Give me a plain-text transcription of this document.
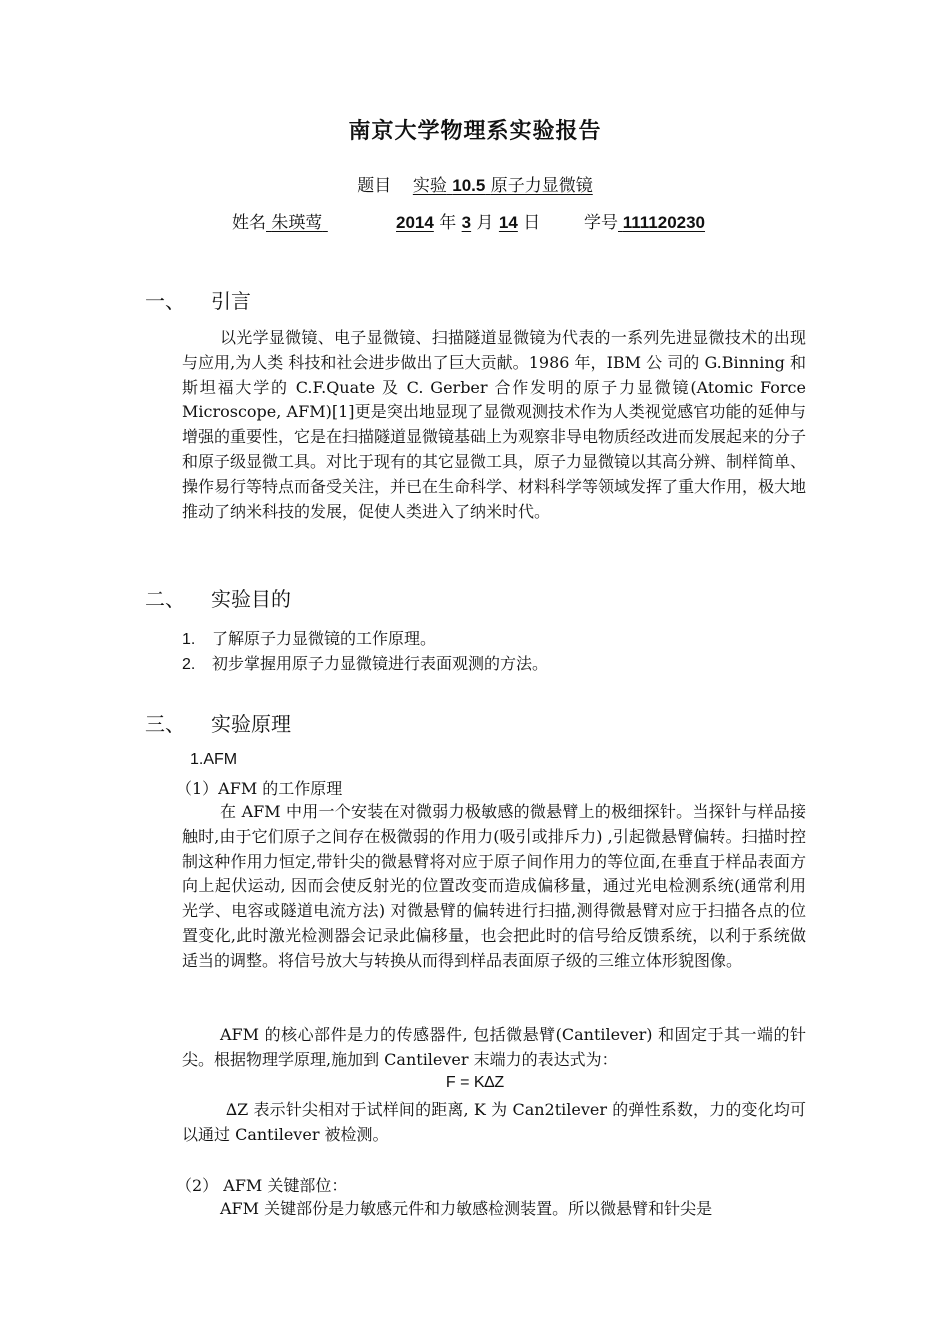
南京大学物理系实验报告
题目 实验 10.5 原子力显微镜
姓名 朱瑛莺	2014 年 3 月 14 日	学号 111120230
一、 引言

以光学显微镜、电子显微镜、扫描隧道显微镜为代表的一系列先进显微技术的出现与应用,为人类 科技和社会进步做出了巨大贡献。1986 年，IBM 公 司的 G.Binning 和斯坦福大学的 C.F.Quate 及 C. Gerber 合作发明的原子力显微镜(Atomic Force Microscope, AFM)[1]更是突出地显现了显微观测技术作为人类视觉感官功能的延伸与增强的重要性，它是在扫描隧道显微镜基础上为观察非导电物质经改进而发展起来的分子和原子级显微工具。对比于现有的其它显微工具，原子力显微镜以其高分辨、制样简单、操作易行等特点而备受关注，并已在生命科学、材料科学等领域发挥了重大作用，极大地推动了纳米科技的发展，促使人类进入了纳米时代。

二、 实验目的
1. 了解原子力显微镜的工作原理。
2. 初步掌握用原子力显微镜进行表面观测的方法。
三、 实验原理
1.AFM
（1）AFM 的工作原理

在 AFM 中用一个安装在对微弱力极敏感的微悬臂上的极细探针。当探针与样品接触时,由于它们原子之间存在极微弱的作用力(吸引或排斥力) ,引起微悬臂偏转。扫描时控制这种作用力恒定,带针尖的微悬臂将对应于原子间作用力的等位面,在垂直于样品表面方向上起伏运动, 因而会使反射光的位置改变而造成偏移量，通过光电检测系统(通常利用光学、电容或隧道电流方法) 对微悬臂的偏转进行扫描,测得微悬臂对应于扫描各点的位置变化,此时激光检测器会记录此偏移量，也会把此时的信号给反馈系统，以利于系统做适当的调整。将信号放大与转换从而得到样品表面原子级的三维立体形貌图像。

AFM 的核心部件是力的传感器件, 包括微悬臂(Cantilever) 和固定于其一端的针尖。根据物理学原理,施加到 Cantilever 末端力的表达式为：

F = K∆Z

∆Z 表示针尖相对于试样间的距离, K 为 Can2tilever 的弹性系数，力的变化均可以通过 Cantilever 被检测。

（2） AFM 关键部位：

AFM 关键部份是力敏感元件和力敏感检测装置。所以微悬臂和针尖是
